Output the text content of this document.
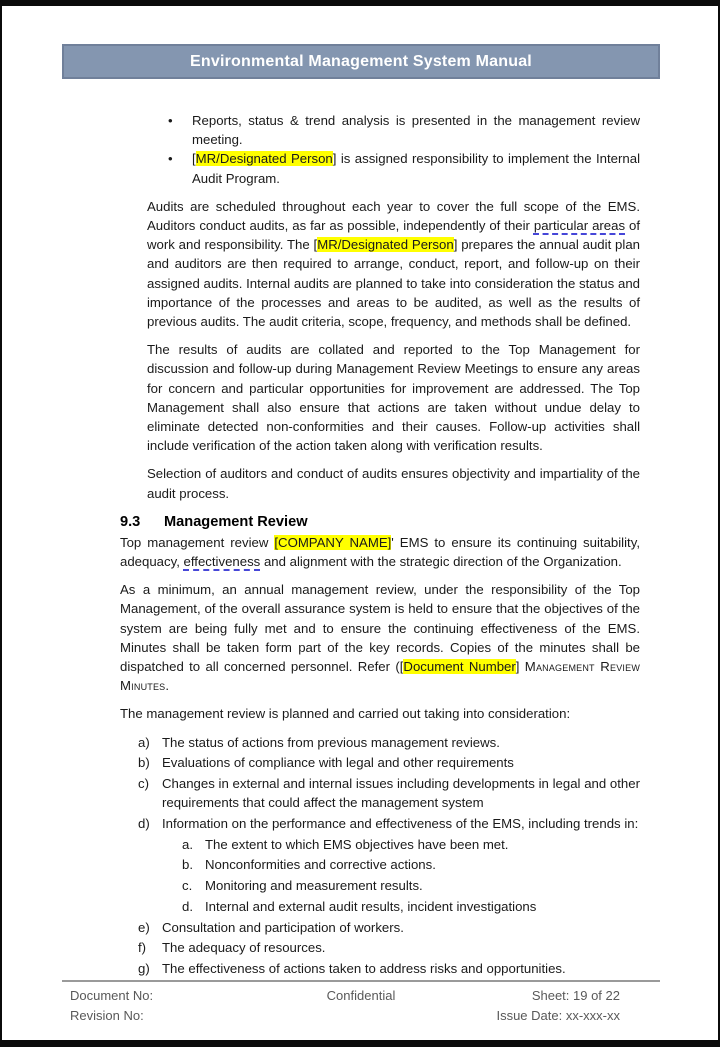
Environmental Management System Manual
• Reports, status & trend analysis is presented in the management review meeting.
• [MR/Designated Person] is assigned responsibility to implement the Internal Audit Program.

Audits are scheduled throughout each year to cover the full scope of the EMS. Auditors conduct audits, as far as possible, independently of their particular areas of work and responsibility. The [MR/Designated Person] prepares the annual audit plan and auditors are then required to arrange, conduct, report, and follow-up on their assigned audits. Internal audits are planned to take into consideration the status and importance of the processes and areas to be audited, as well as the results of previous audits. The audit criteria, scope, frequency, and methods shall be defined.

The results of audits are collated and reported to the Top Management for discussion and follow-up during Management Review Meetings to ensure any areas for concern and particular opportunities for improvement are addressed. The Top Management shall also ensure that actions are taken without undue delay to eliminate detected non-conformities and their causes. Follow-up activities shall include verification of the action taken along with verification results.

Selection of auditors and conduct of audits ensures objectivity and impartiality of the audit process.

9.3 Management Review

Top management review [COMPANY NAME]' EMS to ensure its continuing suitability, adequacy, effectiveness and alignment with the strategic direction of the Organization.

As a minimum, an annual management review, under the responsibility of the Top Management, of the overall assurance system is held to ensure that the objectives of the system are being fully met and to ensure the continuing effectiveness of the EMS. Minutes shall be taken form part of the key records. Copies of the minutes shall be dispatched to all concerned personnel. Refer ([Document Number] Management Review Minutes.

The management review is planned and carried out taking into consideration:

a) The status of actions from previous management reviews.
b) Evaluations of compliance with legal and other requirements
c) Changes in external and internal issues including developments in legal and other requirements that could affect the management system
d) Information on the performance and effectiveness of the EMS, including trends in:
a. The extent to which EMS objectives have been met.
b. Nonconformities and corrective actions.
c. Monitoring and measurement results.
d. Internal and external audit results, incident investigations
e) Consultation and participation of workers.
f) The adequacy of resources.
g) The effectiveness of actions taken to address risks and opportunities.
Document No:	Confidential	Sheet: 19 of 22
Revision No:	Issue Date: xx-xxx-xx
